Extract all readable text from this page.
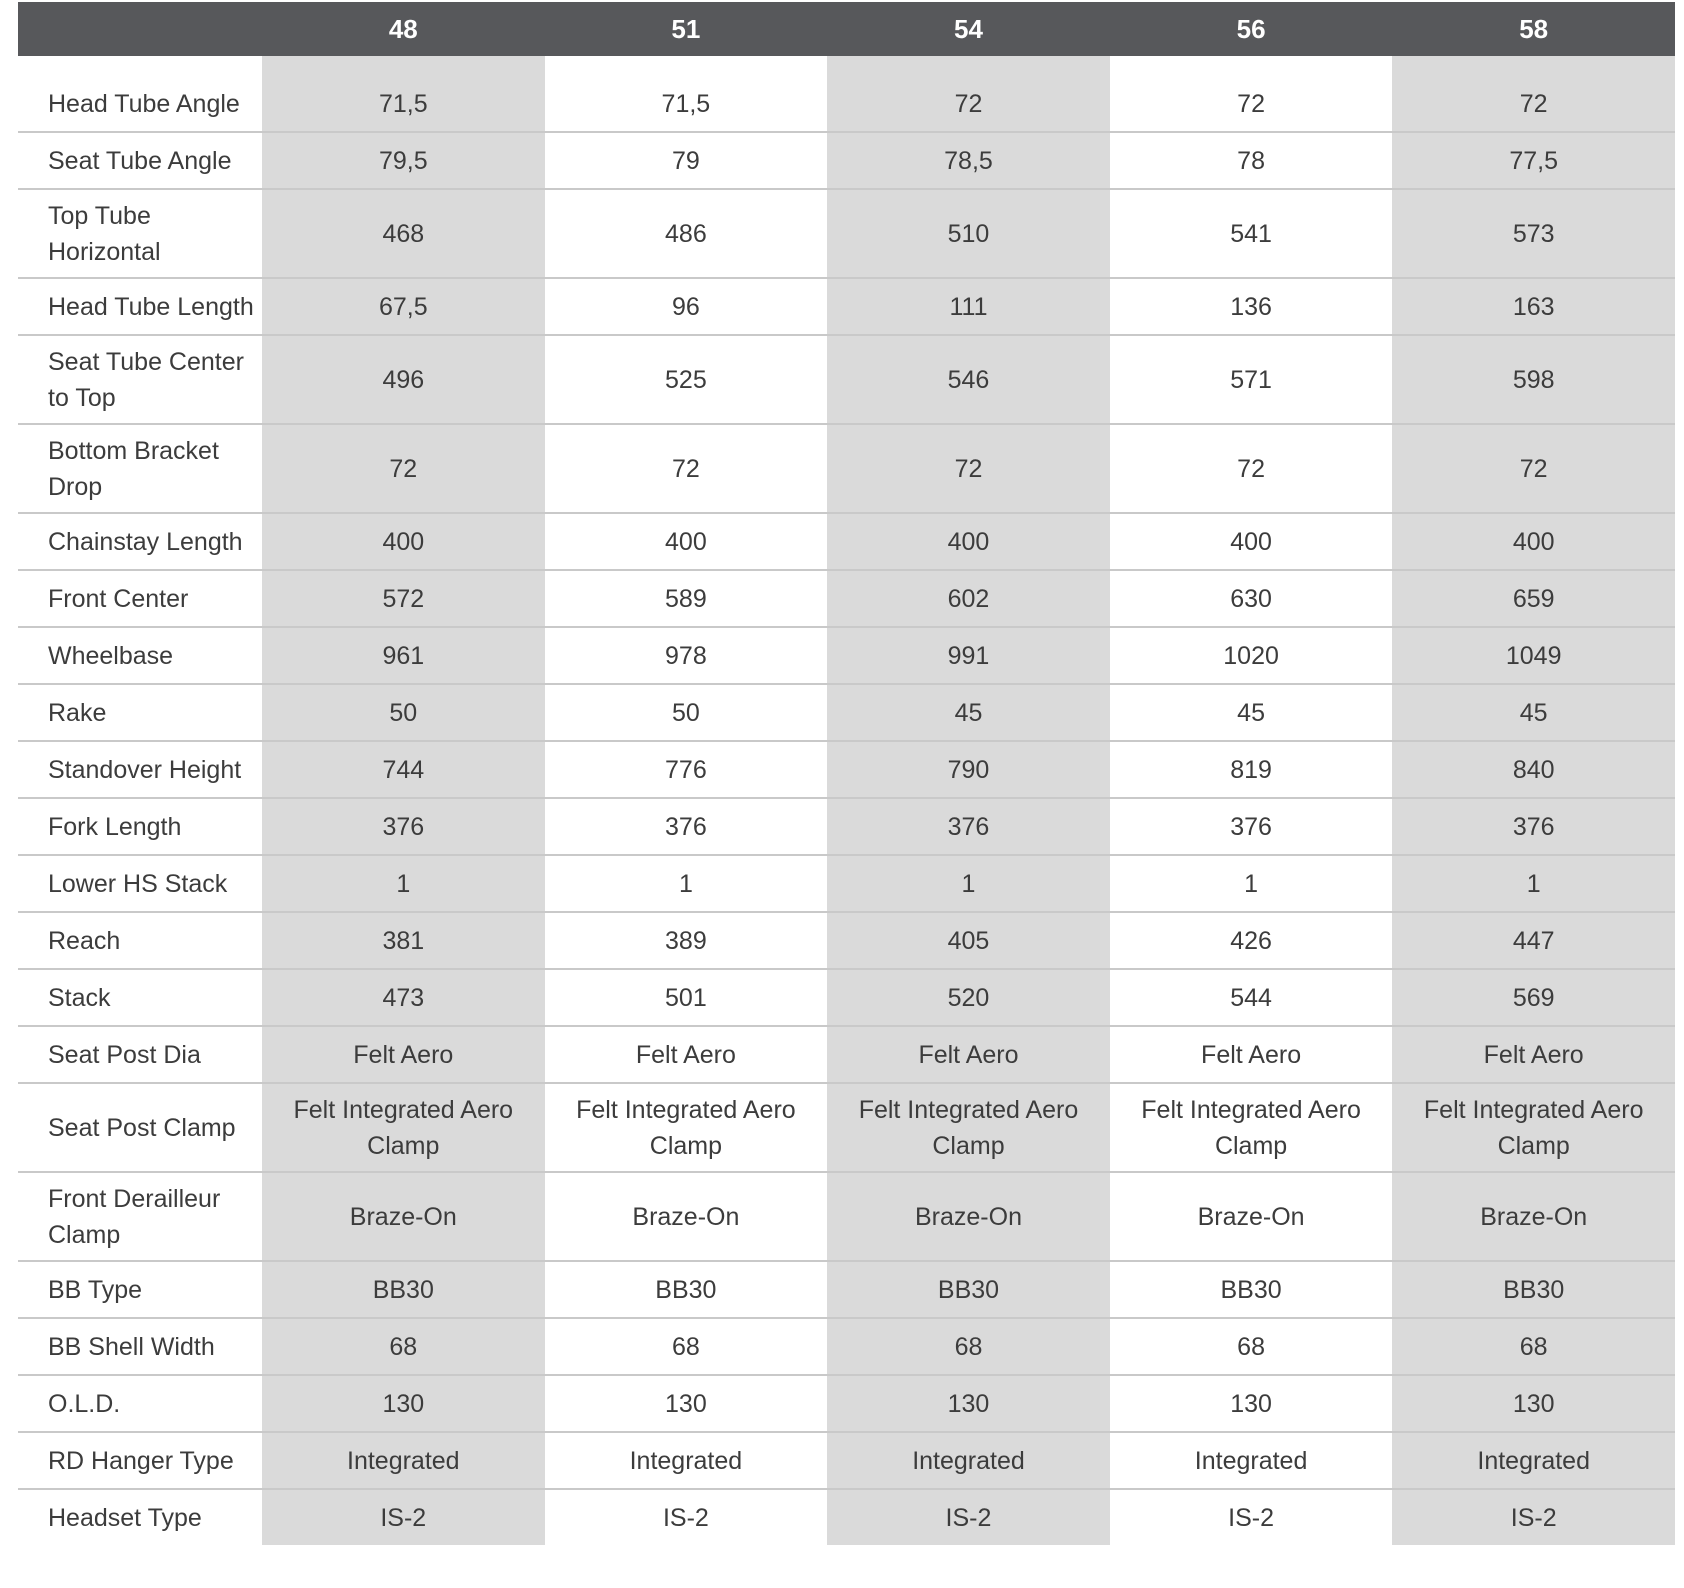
	48	51	54	56	58

Head Tube Angle	71,5	71,5	72	72	72
Seat Tube Angle	79,5	79	78,5	78	77,5
Top Tube Horizontal	468	486	510	541	573
Head Tube Length	67,5	96	111	136	163
Seat Tube Center to Top	496	525	546	571	598
Bottom Bracket Drop	72	72	72	72	72
Chainstay Length	400	400	400	400	400
Front Center	572	589	602	630	659
Wheelbase	961	978	991	1020	1049
Rake	50	50	45	45	45
Standover Height	744	776	790	819	840
Fork Length	376	376	376	376	376
Lower HS Stack	1	1	1	1	1
Reach	381	389	405	426	447
Stack	473	501	520	544	569
Seat Post Dia	Felt Aero	Felt Aero	Felt Aero	Felt Aero	Felt Aero
Seat Post Clamp	Felt Integrated Aero Clamp	Felt Integrated Aero Clamp	Felt Integrated Aero Clamp	Felt Integrated Aero Clamp	Felt Integrated Aero Clamp
Front Derailleur Clamp	Braze-On	Braze-On	Braze-On	Braze-On	Braze-On
BB Type	BB30	BB30	BB30	BB30	BB30
BB Shell Width	68	68	68	68	68
O.L.D.	130	130	130	130	130
RD Hanger Type	Integrated	Integrated	Integrated	Integrated	Integrated
Headset Type	IS-2	IS-2	IS-2	IS-2	IS-2
